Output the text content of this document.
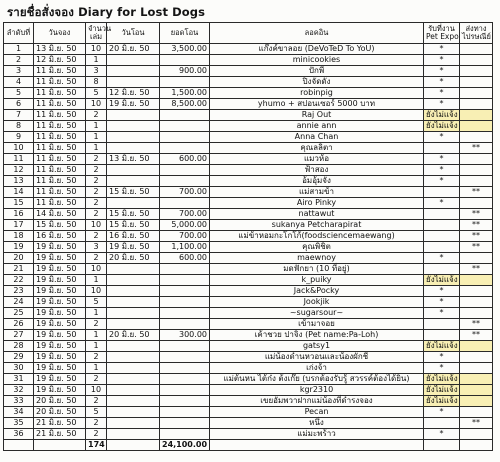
รายชื่อสั่งจอง Diary for Lost Dogs
ลำดับที่	วันจอง	จำนวน
เล่ม	วันโอน	ยอดโอน	ลอคอิน	รับที่งาน
Pet Expo	ส่งทาง
ไปรษณีย์
1	13 มิ.ย. 50	10	20 มิ.ย. 50	3,500.00	แก๊งค์ขาลอย (DeVoTeD To YoU)	*	
2	12 มิ.ย. 50	1			minicookies	*	
3	11 มิ.ย. 50	3		900.00	ปักพี	*	
4	11 มิ.ย. 50	8			ปิงจัดดัง	*	
5	11 มิ.ย. 50	5	12 มิ.ย. 50	1,500.00	robinpig	*	
6	11 มิ.ย. 50	10	19 มิ.ย. 50	8,500.00	yhumo + สปอนเซอร์ 5000 บาท	*	
7	11 มิ.ย. 50	2			Raj Out	ยังไม่แจ้ง	
8	11 มิ.ย. 50	1			annie ann	ยังไม่แจ้ง	
9	11 มิ.ย. 50	1			Anna Chan	*	
10	11 มิ.ย. 50	1			คุณลลิตา		**
11	11 มิ.ย. 50	2	13 มิ.ย. 50	600.00	แมวห้อ	*	
12	11 มิ.ย. 50	2			ฟ้าสอง	*	
13	11 มิ.ย. 50	2			อ้มอุ้มจัง	*	
14	11 มิ.ย. 50	2	15 มิ.ย. 50	700.00	แม่สามข้า		**
15	11 มิ.ย. 50	2			Airo Pinky	*	
16	14 มิ.ย. 50	2	15 มิ.ย. 50	700.00	nattawut		**
17	15 มิ.ย. 50	10	15 มิ.ย. 50	5,000.00	sukanya Petcharapirat		**
18	16 มิ.ย. 50	2	16 มิ.ย. 50	700.00	แม่ข้าหอมกะโกโก้(foodsciencemaewang)		**
19	19 มิ.ย. 50	3	19 มิ.ย. 50	1,100.00	คุณพิชิต		**
20	19 มิ.ย. 50	2	20 มิ.ย. 50	600.00	maewnoy	*	
21	19 มิ.ย. 50	10			มดฟักยา (10 ที่อยู่)		**
22	19 มิ.ย. 50	1			k_puiky	ยังไม่แจ้ง	
23	19 มิ.ย. 50	10			Jack&Pocky	*	
24	19 มิ.ย. 50	5			Jookjik	*	
25	19 มิ.ย. 50	1			~sugarsour~	*	
26	19 มิ.ย. 50	2			เข้ามาจอย		**
27	19 มิ.ย. 50	1	20 มิ.ย. 50	300.00	เค้าชวย ปาจิง (Pet name:Pa-Loh)		**
28	19 มิ.ย. 50	1			gatsy1	ยังไม่แจ้ง	
29	19 มิ.ย. 50	2			แม่น้องดำนหวอนและน้องผักชี	*	
30	19 มิ.ย. 50	1			เก่งจ้า	*	
31	19 มิ.ย. 50	2			แม่ต้นหน ไต้ก๋ง ต้งเก๊ย (บรกต้องรับรู้ สวรรค์ต้องได้ยิน)	ยังไม่แจ้ง	
32	19 มิ.ย. 50	10			kgr2310	ยังไม่แจ้ง	
33	20 มิ.ย. 50	2			เขยอัมพวาฝากแม่น้องที่ดำรงจอง	ยังไม่แจ้ง	
34	20 มิ.ย. 50	5			Pecan	*	
35	21 มิ.ย. 50	2			หนึ่ง		**
36	21 มิ.ย. 50	2			แม่มะพร้าว	*	
		174		24,100.00			
